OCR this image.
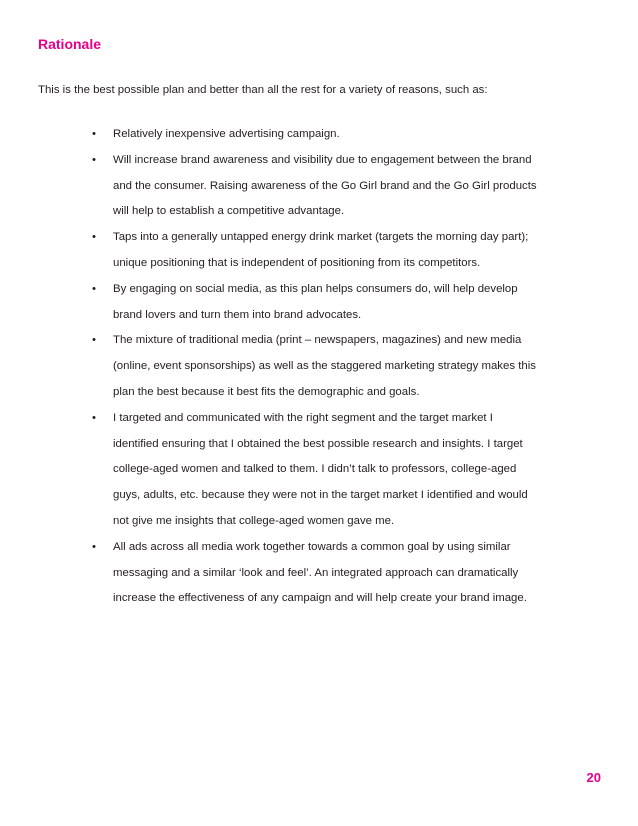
Rationale

This is the best possible plan and better than all the rest for a variety of reasons, such as:

• Relatively inexpensive advertising campaign.
• Will increase brand awareness and visibility due to engagement between the brand
and the consumer. Raising awareness of the Go Girl brand and the Go Girl products
will help to establish a competitive advantage.
• Taps into a generally untapped energy drink market (targets the morning day part);
unique positioning that is independent of positioning from its competitors.
• By engaging on social media, as this plan helps consumers do, will help develop
brand lovers and turn them into brand advocates.
• The mixture of traditional media (print – newspapers, magazines) and new media
(online, event sponsorships) as well as the staggered marketing strategy makes this
plan the best because it best fits the demographic and goals.
• I targeted and communicated with the right segment and the target market I
identified ensuring that I obtained the best possible research and insights. I target
college-aged women and talked to them. I didn’t talk to professors, college-aged
guys, adults, etc. because they were not in the target market I identified and would
not give me insights that college-aged women gave me.
• All ads across all media work together towards a common goal by using similar
messaging and a similar ‘look and feel’. An integrated approach can dramatically
increase the effectiveness of any campaign and will help create your brand image.
20
